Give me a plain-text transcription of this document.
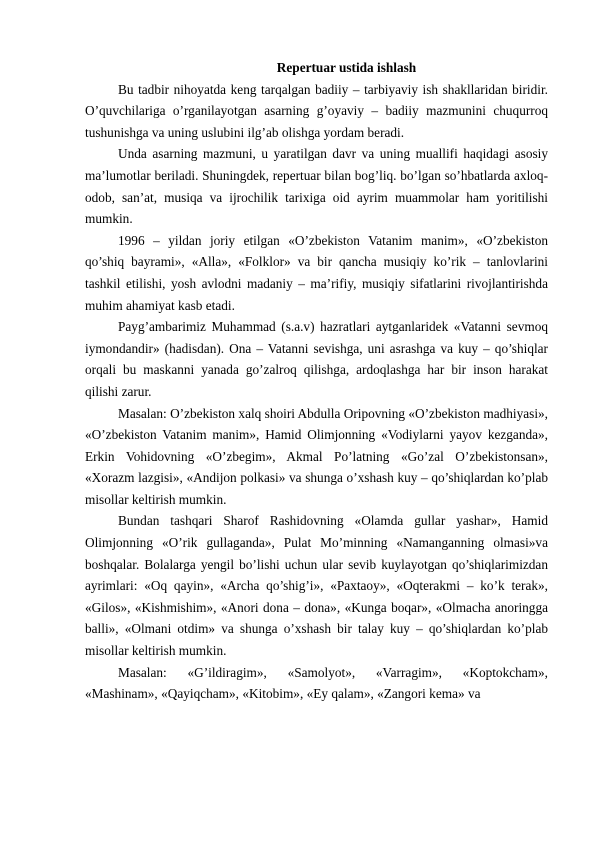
Repertuar ustida ishlash

Bu tadbir nihoyatda keng tarqalgan badiiy – tarbiyaviy ish shakllaridan biridir. O’quvchilariga o’rganilayotgan asarning g’oyaviy – badiiy mazmunini chuqurroq tushunishga va uning uslubini ilg’ab olishga yordam beradi.

Unda asarning mazmuni, u yaratilgan davr va uning muallifi haqidagi asosiy ma’lumotlar beriladi. Shuningdek, repertuar bilan bog’liq. bo’lgan so’hbatlarda axloq-odob, san’at, musiqa va ijrochilik tarixiga oid ayrim muammolar ham yoritilishi mumkin.

1996 – yildan joriy etilgan «O’zbekiston Vatanim manim», «O’zbekiston qo’shiq bayrami», «Alla», «Folklor» va bir qancha musiqiy ko’rik – tanlovlarini tashkil etilishi, yosh avlodni madaniy – ma’rifiy, musiqiy sifatlarini rivojlantirishda muhim ahamiyat kasb etadi.

Payg’ambarimiz Muhammad (s.a.v) hazratlari aytganlaridek «Vatanni sevmoq iymondandir» (hadisdan). Ona – Vatanni sevishga, uni asrashga va kuy – qo’shiqlar orqali bu maskanni yanada go’zalroq qilishga, ardoqlashga har bir inson harakat qilishi zarur.

Masalan: O’zbekiston xalq shoiri Abdulla Oripovning «O’zbekiston madhiyasi», «O’zbekiston Vatanim manim», Hamid Olimjonning «Vodiylarni yayov kezganda», Erkin Vohidovning «O’zbegim», Akmal Po’latning «Go’zal O’zbekistonsan», «Xorazm lazgisi», «Andijon polkasi» va shunga o’xshash kuy – qo’shiqlardan ko’plab misollar keltirish mumkin.

Bundan tashqari Sharof Rashidovning «Olamda gullar yashar», Hamid Olimjonning «O’rik gullaganda», Pulat Mo’minning «Namanganning olmasi»va boshqalar. Bolalarga yengil bo’lishi uchun ular sevib kuylayotgan qo’shiqlarimizdan ayrimlari: «Oq qayin», «Archa qo’shig’i», «Paxtaoy», «Oqterakmi – ko’k terak», «Gilos», «Kishmishim», «Anori dona – dona», «Kunga boqar», «Olmacha anoringga balli», «Olmani otdim» va shunga o’xshash bir talay kuy – qo’shiqlardan ko’plab misollar keltirish mumkin.

Masalan: «G’ildiragim», «Samolyot», «Varragim», «Koptokcham», «Mashinam», «Qayiqcham», «Kitobim», «Ey qalam», «Zangori kema» va
